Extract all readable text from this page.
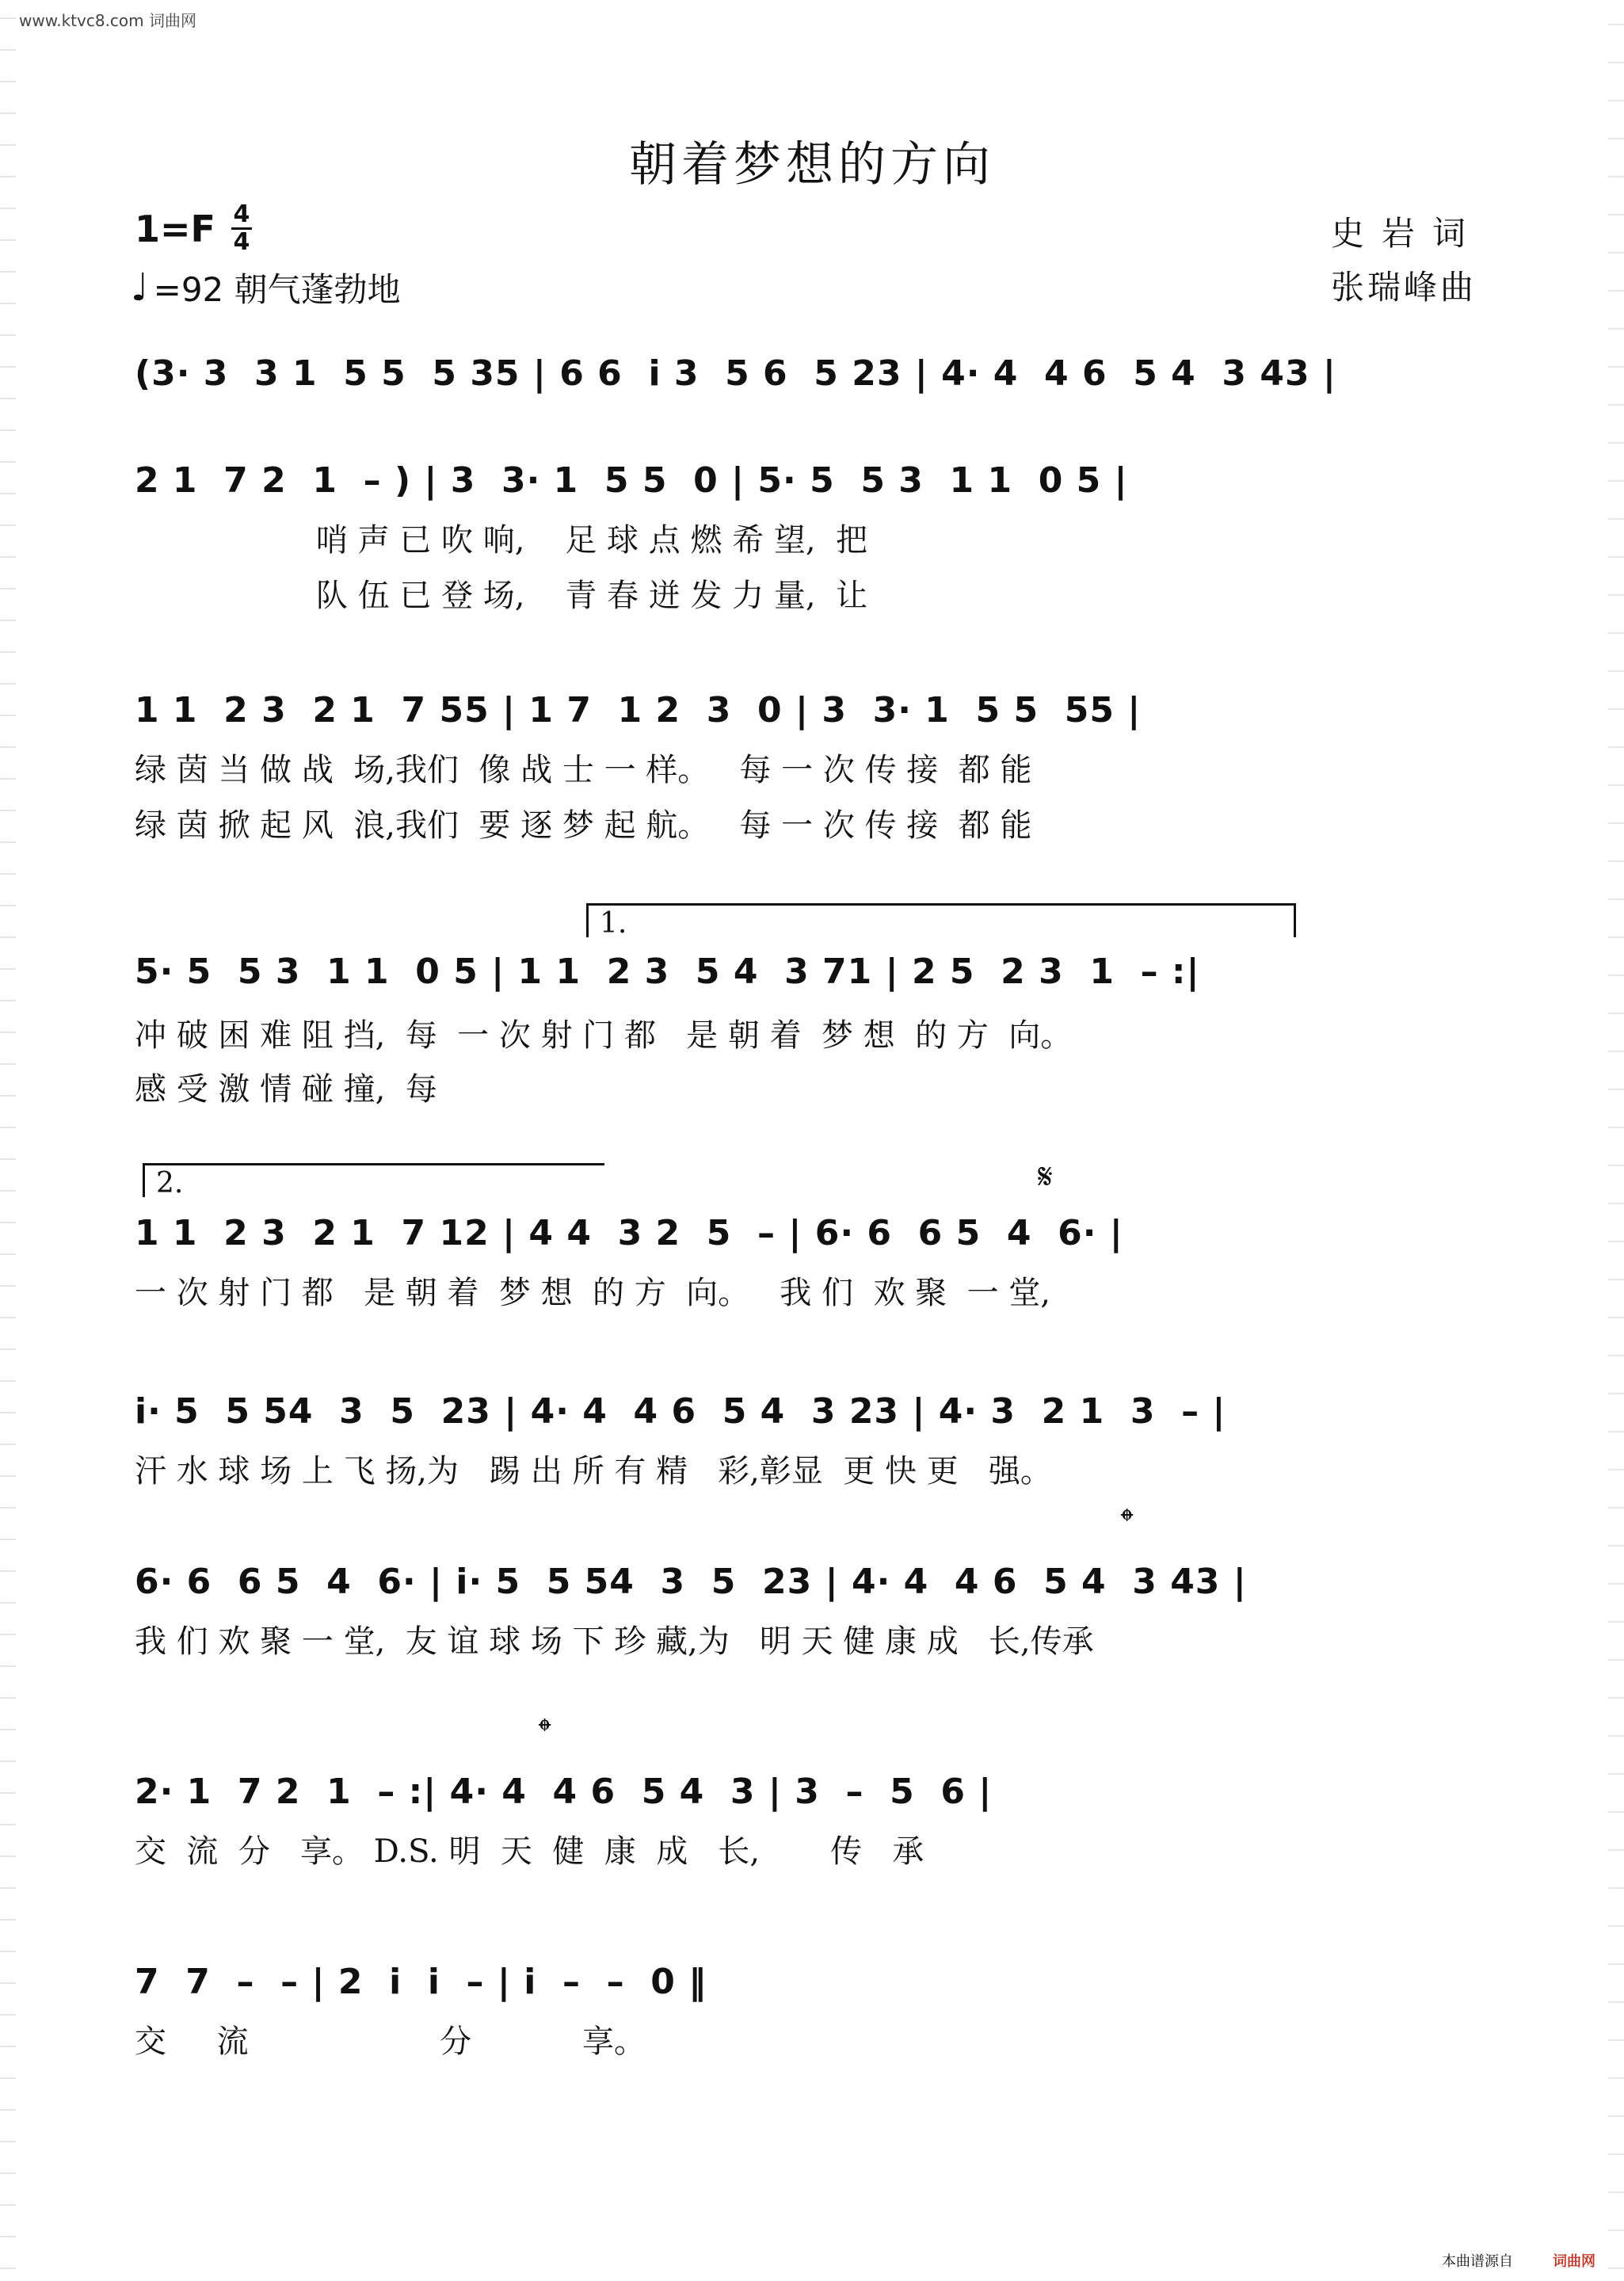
www.ktvc8.com 词曲网
朝着梦想的方向
$1=F \frac{4}{4}$
♩ =92 朝气蓬勃地
史岩词
张瑞峰曲
(3· 3  3 1  5 5  5 35 | 6 6  i 3  5 6  5 23 | 4· 4  4 6  5 4  3 43 |
2 1  7 2  1  – ) | 3  3· 1  5 5  0 | 5· 5  5 3  1 1  0 5 |
哨 声 已 吹 响,    足 球 点 燃 希 望,  把
队 伍 已 登 场,    青 春 迸 发 力 量,  让
1 1  2 3  2 1  7 55 | 1 7  1 2  3  0 | 3  3· 1  5 5  55 |
绿 茵 当 做 战  场,我们  像 战 士 一 样。   每 一 次 传 接  都 能
绿 茵 掀 起 风  浪,我们  要 逐 梦 起 航。   每 一 次 传 接  都 能
1.
5· 5  5 3  1 1  0 5 | 1 1  2 3  5 4  3 71 | 2 5  2 3  1  – :|
冲 破 困 难 阻 挡,  每  一 次 射 门 都   是 朝 着  梦 想  的 方  向。
感 受 激 情 碰 撞,  每
2.	𝄋
1 1  2 3  2 1  7 12 | 4 4  3 2  5  – | 6· 6  6 5  4  6· |
一 次 射 门 都   是 朝 着  梦 想  的 方  向。   我 们  欢 聚  一 堂,
i· 5  5 54  3  5  23 | 4· 4  4 6  5 4  3 23 | 4· 3  2 1  3  – |
汗 水 球 场 上 飞 扬,为   踢 出 所 有 精   彩,彰显  更 快 更   强。
𝄌
6· 6  6 5  4  6· | i· 5  5 54  3  5  23 | 4· 4  4 6  5 4  3 43 |
我 们 欢 聚 一 堂,  友 谊 球 场 下 珍 藏,为   明 天 健 康 成   长,传承
𝄌
2· 1  7 2  1  – :| 4· 4  4 6  5 4  3 | 3  –  5  6 |
交  流  分   享。 D.S. 明  天  健  康  成   长,       传   承
7  7  –  – | 2  i  i  – | i  –  –  0 ‖
交     流                   分           享。
本曲谱源自	词曲网
